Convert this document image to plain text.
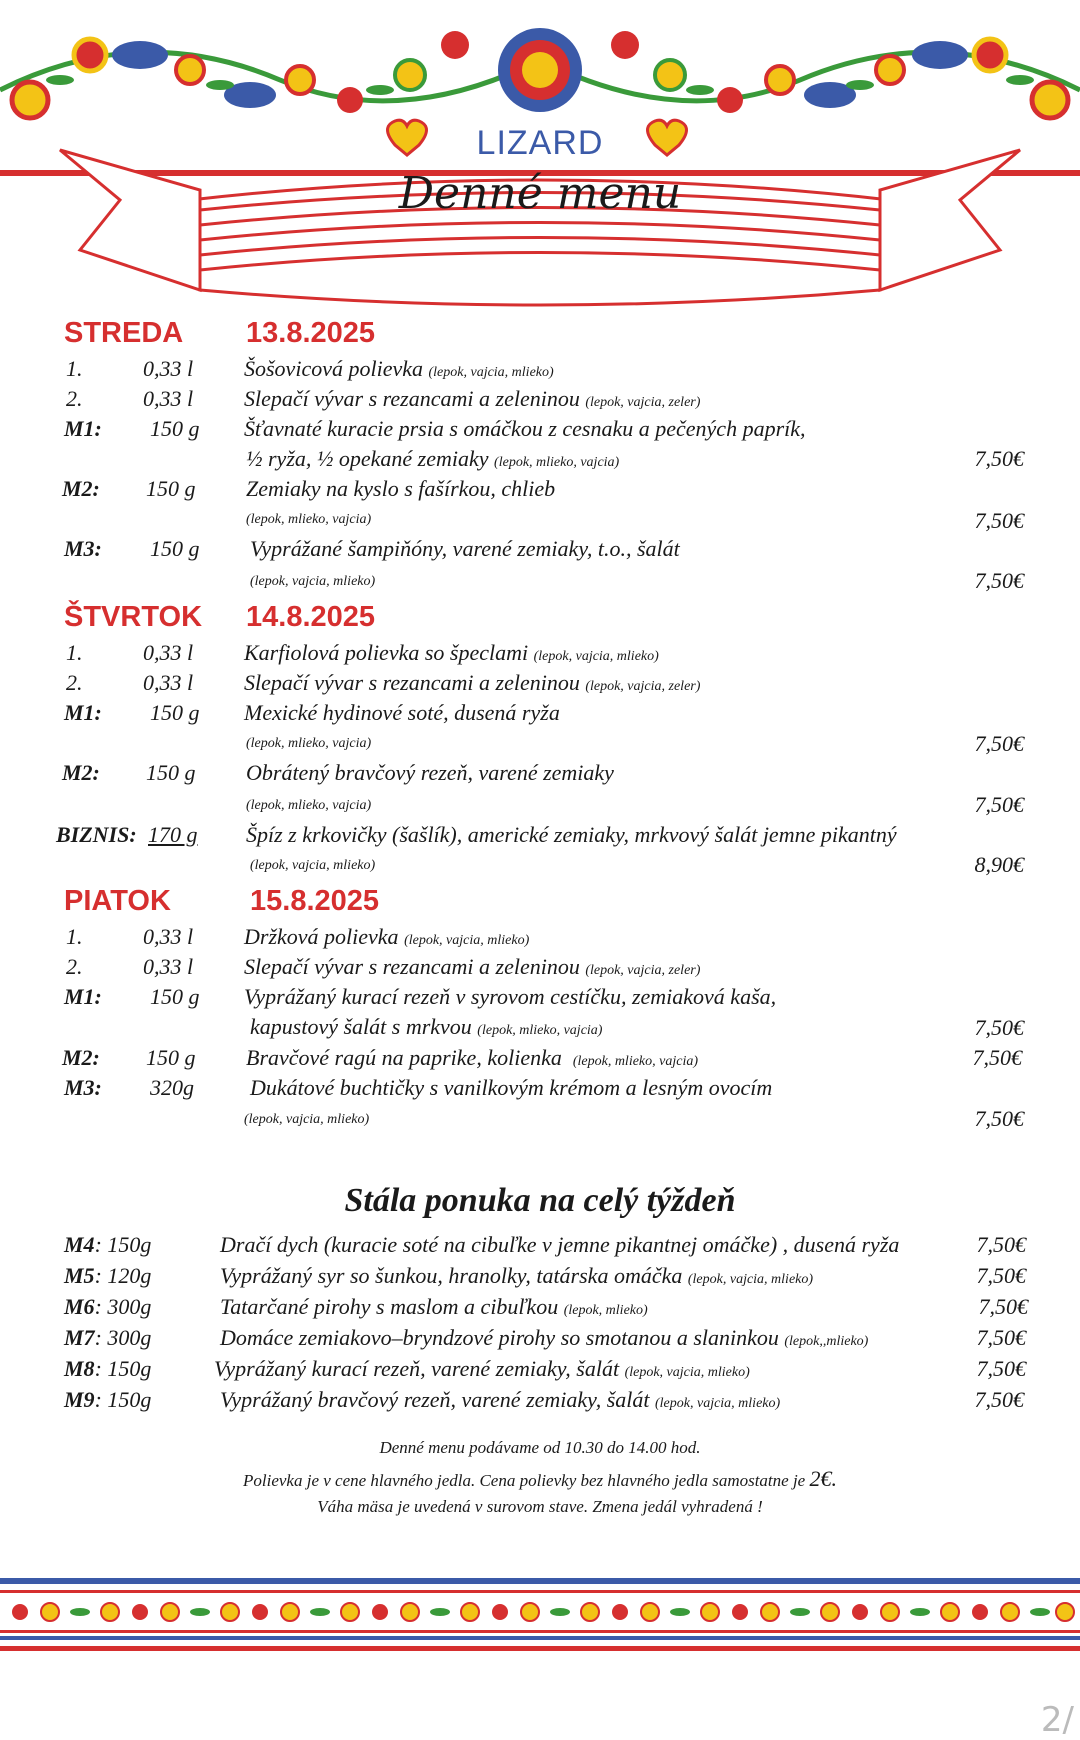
LIZARD
Denné menu
STREDA 13.8.2025
1.	0,33 l Šošovicová polievka (lepok, vajcia, mlieko)
2.	0,33 l Slepačí vývar s rezancami a zeleninou (lepok, vajcia, zeler)
M1: 150 g Šťavnaté kuracie prsia s omáčkou z cesnaku a pečených paprík,
½ ryža, ½ opekané zemiaky (lepok, mlieko, vajcia)	7,50€
M2: 150 g Zemiaky na kyslo s fašírkou, chlieb
(lepok, mlieko, vajcia)	7,50€
M3: 150 g Vyprážané šampiňóny, varené zemiaky, t.o., šalát
(lepok, vajcia, mlieko)	7,50€
ŠTVRTOK 14.8.2025
1.	0,33 l Karfiolová polievka so špeclami (lepok, vajcia, mlieko)
2.	0,33 l Slepačí vývar s rezancami a zeleninou (lepok, vajcia, zeler)
M1: 150 g Mexické hydinové soté, dusená ryža
(lepok, mlieko, vajcia)	7,50€
M2: 150 g Obrátený bravčový rezeň, varené zemiaky
(lepok, mlieko, vajcia)	7,50€
BIZNIS: 170 g Špíz z krkovičky (šašlík), americké zemiaky, mrkvový šalát jemne pikantný
(lepok, vajcia, mlieko)	8,90€
PIATOK	15.8.2025
1.	0,33 l Držková polievka (lepok, vajcia, mlieko)
2.	0,33 l Slepačí vývar s rezancami a zeleninou (lepok, vajcia, zeler)
M1: 150 g Vyprážaný kurací rezeň v syrovom cestíčku, zemiaková kaša,
kapustový šalát s mrkvou (lepok, mlieko, vajcia)	7,50€
M2: 150 g Bravčové ragú na paprike, kolienka (lepok, mlieko, vajcia)	7,50€
M3: 320g	Dukátové buchtičky s vanilkovým krémom a lesným ovocím
(lepok, vajcia, mlieko)	7,50€
Stála ponuka na celý týždeň
M4: 150g	Dračí dych (kuracie soté na cibuľke v jemne pikantnej omáčke) , dusená ryža	7,50€
M5: 120g	Vyprážaný syr so šunkou, hranolky, tatárska omáčka (lepok, vajcia, mlieko)	7,50€
M6: 300g	Tatarčané pirohy s maslom a cibuľkou (lepok, mlieko)	7,50€
M7: 300g	Domáce zemiakovo–bryndzové pirohy so smotanou a slaninkou (lepok,,mlieko)	7,50€
M8: 150g	Vyprážaný kurací rezeň, varené zemiaky, šalát (lepok, vajcia, mlieko)	7,50€
M9: 150g	Vyprážaný bravčový rezeň, varené zemiaky, šalát (lepok, vajcia, mlieko)	7,50€
Denné menu podávame od 10.30 do 14.00 hod.
Polievka je v cene hlavného jedla. Cena polievky bez hlavného jedla samostatne je 2€.
Váha mäsa je uvedená v surovom stave. Zmena jedál vyhradená !
2/
